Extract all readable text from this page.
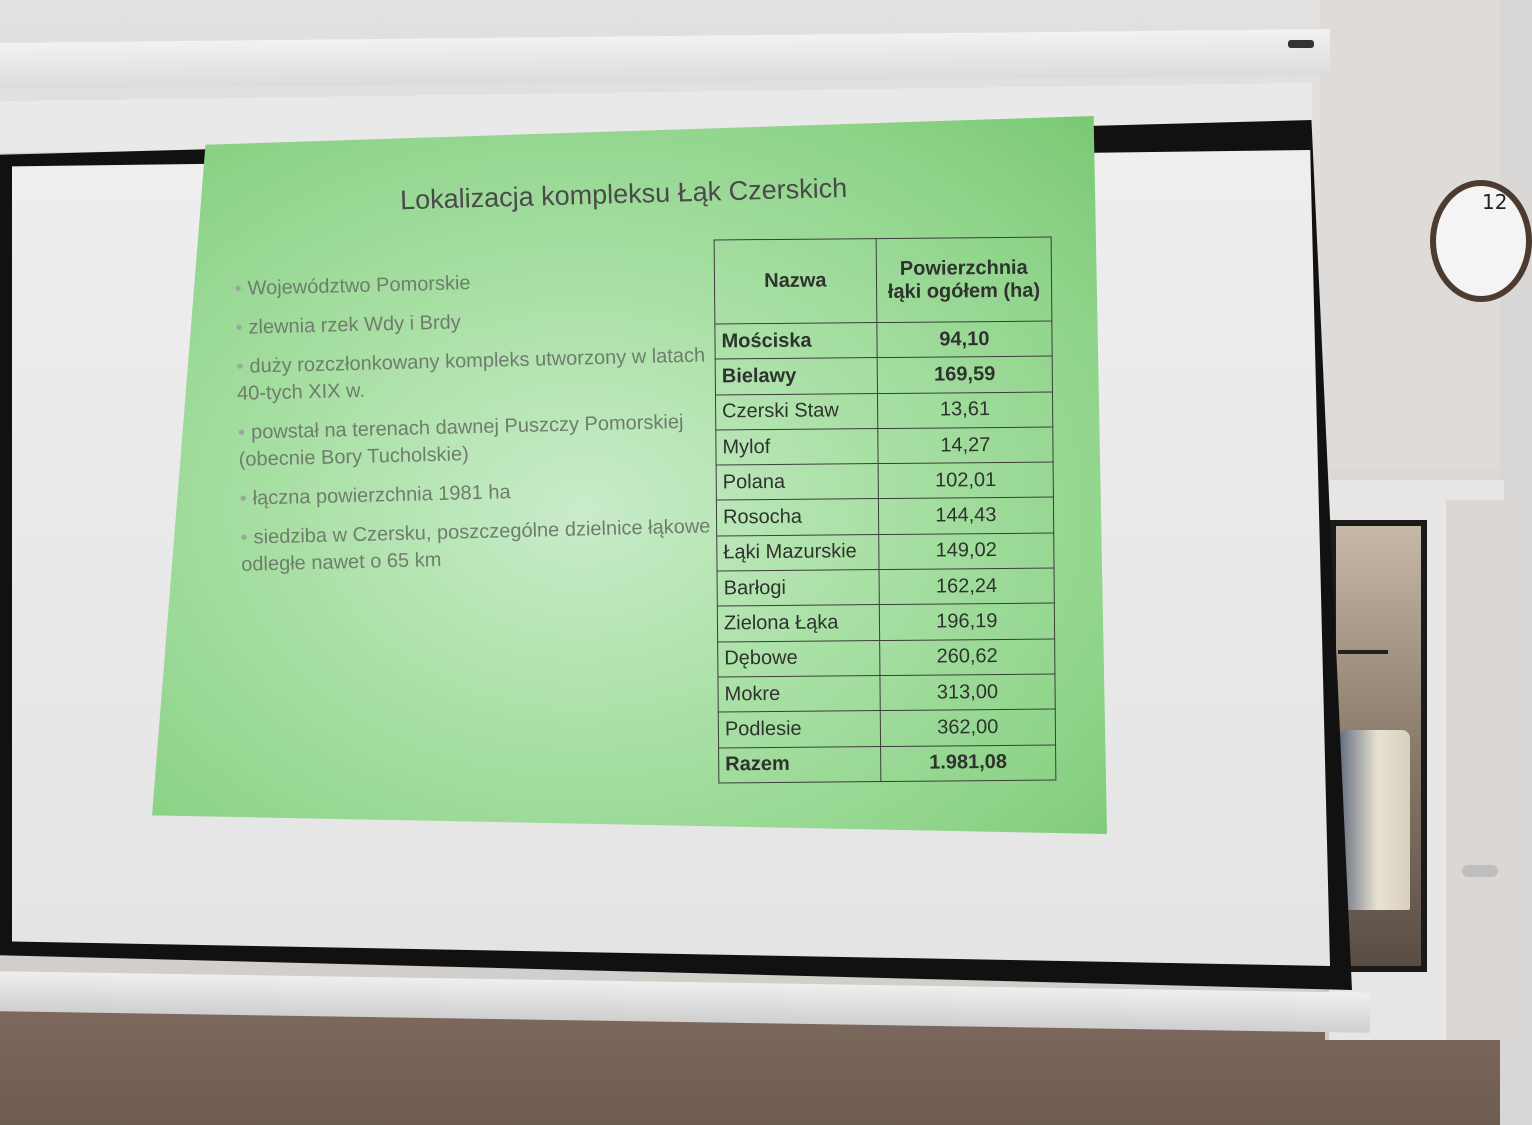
12
Lokalizacja kompleksu Łąk Czerskich
• Województwo Pomorskie
• zlewnia rzek Wdy i Brdy
• duży rozczłonkowany kompleks utworzony w latach 40-tych XIX w.
• powstał na terenach dawnej Puszczy Pomorskiej (obecnie Bory Tucholskie)
• łączna powierzchnia 1981 ha
• siedziba w Czersku, poszczególne dzielnice łąkowe odległe nawet o 65 km
Nazwa	Powierzchnia łąki ogółem (ha)
Mościska	94,10
Bielawy	169,59
Czerski Staw	13,61
Mylof	14,27
Polana	102,01
Rosocha	144,43
Łąki Mazurskie	149,02
Barłogi	162,24
Zielona Łąka	196,19
Dębowe	260,62
Mokre	313,00
Podlesie	362,00
Razem	1.981,08
